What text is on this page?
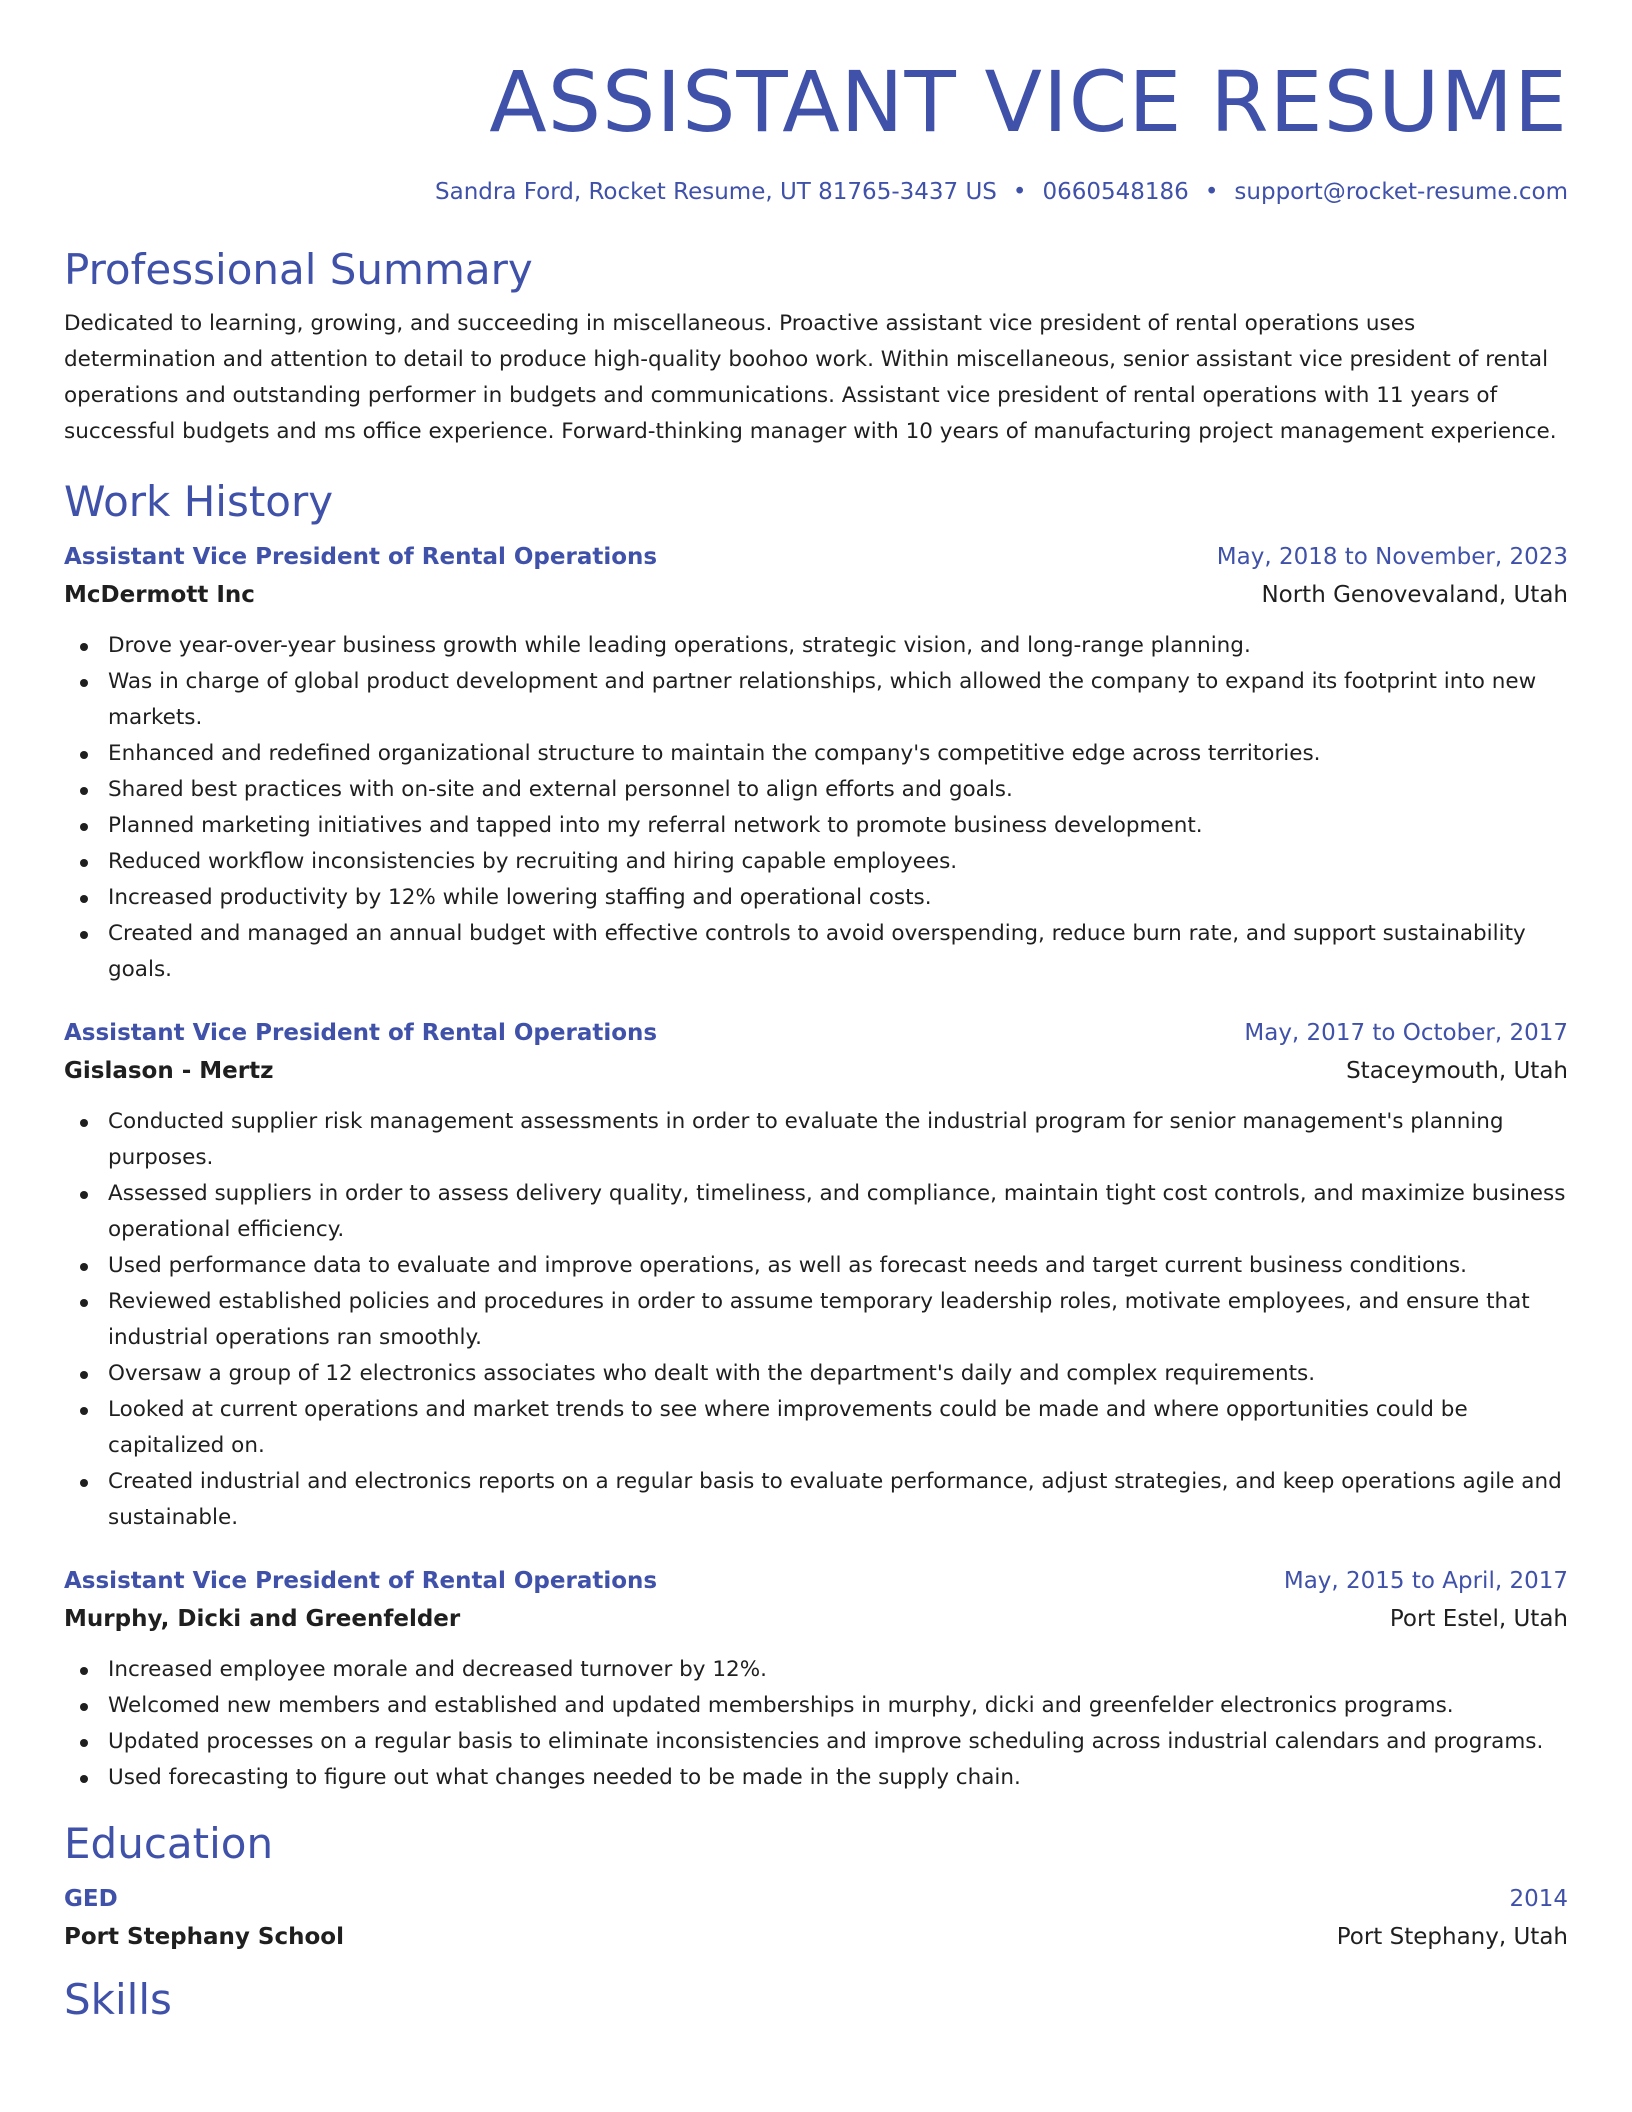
ASSISTANT VICE RESUME
Sandra Ford, Rocket Resume, UT 81765-3437 US • 0660548186 • support@rocket-resume.com
Professional Summary
Dedicated to learning, growing, and succeeding in miscellaneous. Proactive assistant vice president of rental operations uses determination and attention to detail to produce high-quality boohoo work. Within miscellaneous, senior assistant vice president of rental operations and outstanding performer in budgets and communications. Assistant vice president of rental operations with 11 years of successful budgets and ms office experience. Forward-thinking manager with 10 years of manufacturing project management experience.
Work History
Assistant Vice President of Rental Operations	May, 2018 to November, 2023
McDermott Inc	North Genovevaland, Utah
Drove year-over-year business growth while leading operations, strategic vision, and long-range planning.
Was in charge of global product development and partner relationships, which allowed the company to expand its footprint into new markets.
Enhanced and redefined organizational structure to maintain the company's competitive edge across territories.
Shared best practices with on-site and external personnel to align efforts and goals.
Planned marketing initiatives and tapped into my referral network to promote business development.
Reduced workflow inconsistencies by recruiting and hiring capable employees.
Increased productivity by 12% while lowering staffing and operational costs.
Created and managed an annual budget with effective controls to avoid overspending, reduce burn rate, and support sustainability goals.
Assistant Vice President of Rental Operations	May, 2017 to October, 2017
Gislason - Mertz	Staceymouth, Utah
Conducted supplier risk management assessments in order to evaluate the industrial program for senior management's planning purposes.
Assessed suppliers in order to assess delivery quality, timeliness, and compliance, maintain tight cost controls, and maximize business operational efficiency.
Used performance data to evaluate and improve operations, as well as forecast needs and target current business conditions.
Reviewed established policies and procedures in order to assume temporary leadership roles, motivate employees, and ensure that industrial operations ran smoothly.
Oversaw a group of 12 electronics associates who dealt with the department's daily and complex requirements.
Looked at current operations and market trends to see where improvements could be made and where opportunities could be capitalized on.
Created industrial and electronics reports on a regular basis to evaluate performance, adjust strategies, and keep operations agile and sustainable.
Assistant Vice President of Rental Operations	May, 2015 to April, 2017
Murphy, Dicki and Greenfelder	Port Estel, Utah
Increased employee morale and decreased turnover by 12%.
Welcomed new members and established and updated memberships in murphy, dicki and greenfelder electronics programs.
Updated processes on a regular basis to eliminate inconsistencies and improve scheduling across industrial calendars and programs.
Used forecasting to figure out what changes needed to be made in the supply chain.
Education
GED	2014
Port Stephany School	Port Stephany, Utah
Skills
